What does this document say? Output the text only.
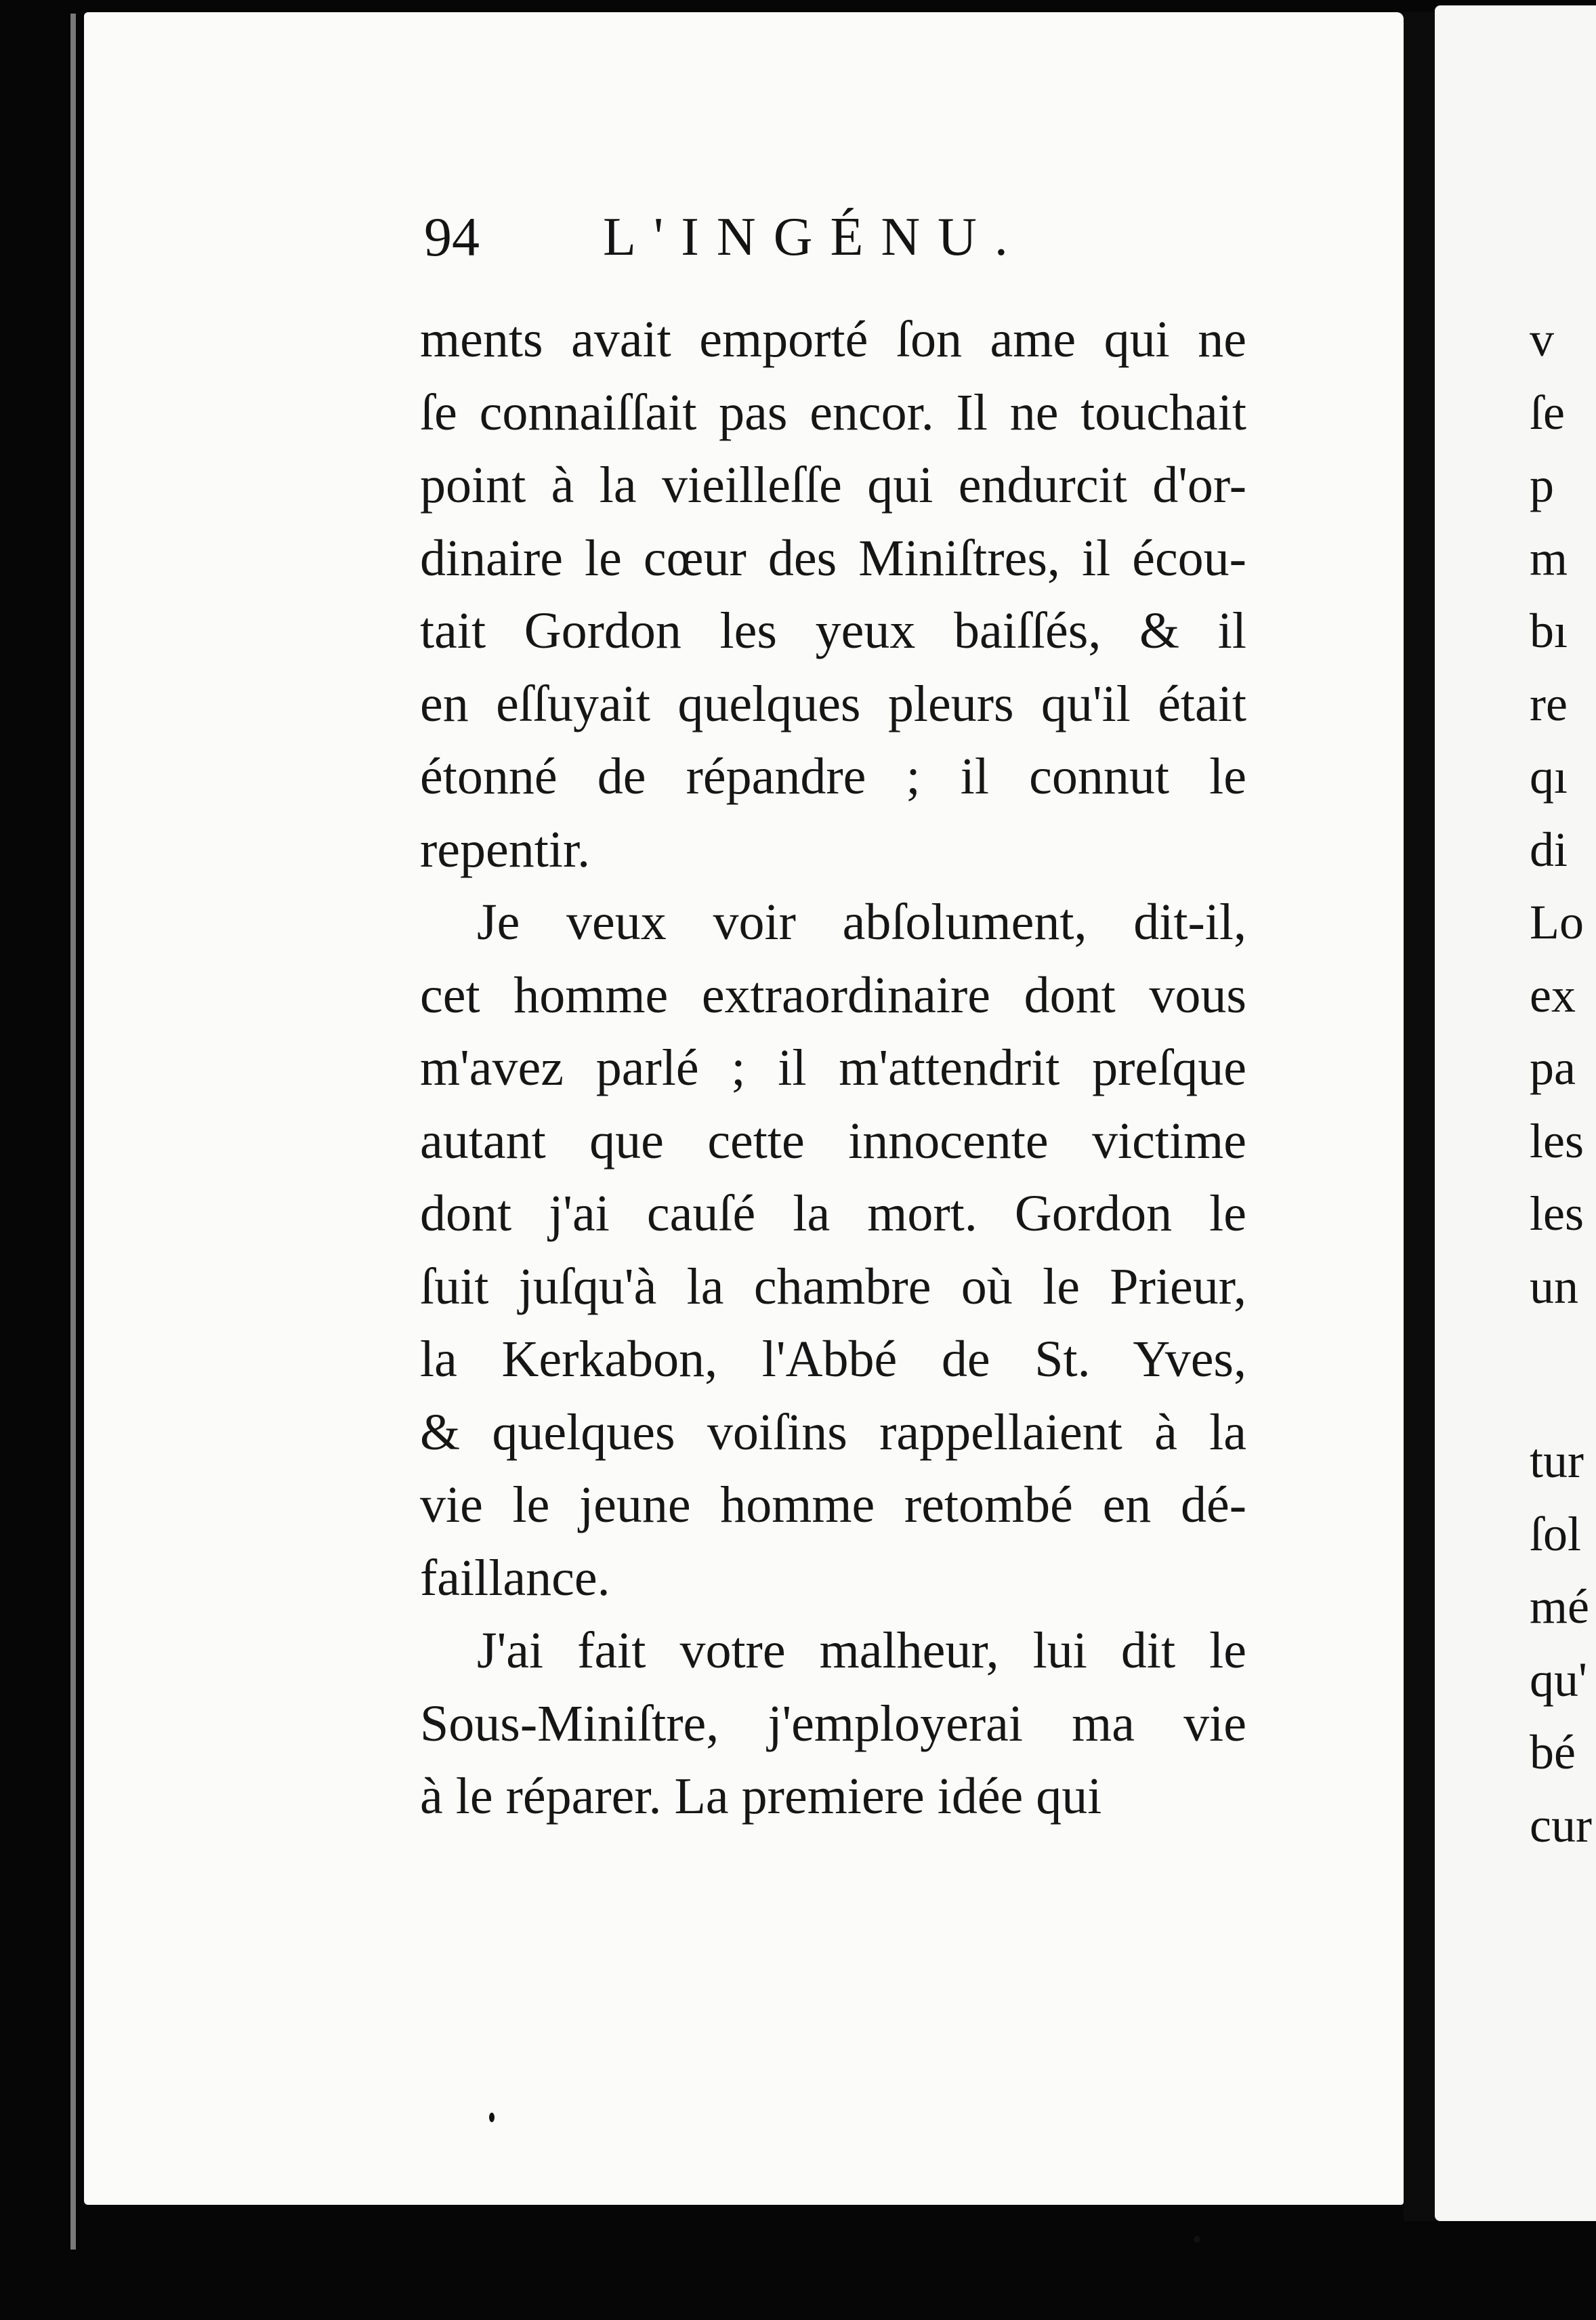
94 L'INGÉNU.
ments avait emporté ſon ame qui ne
ſe connaiſſait pas encor. Il ne touchait
point à la vieilleſſe qui endurcit d'or-
dinaire le cœur des Miniſtres, il écou-
tait Gordon les yeux baiſſés, & il
en eſſuyait quelques pleurs qu'il était
étonné de répandre ; il connut le
repentir.
Je veux voir abſolument, dit-il,
cet homme extraordinaire dont vous
m'avez parlé ; il m'attendrit preſque
autant que cette innocente victime
dont j'ai cauſé la mort. Gordon le
ſuit juſqu'à la chambre où le Prieur,
la Kerkabon, l'Abbé de St. Yves,
& quelques voiſins rappellaient à la
vie le jeune homme retombé en dé-
faillance.
J'ai fait votre malheur, lui dit le
Sous-Miniſtre, j'employerai ma vie
à le réparer. La premiere idée qui
v
ſe
p
m
bı
re
qı
di
Lo
ex
pa
les
les
un
tur
ſol
mé
qu'
bé
cur
